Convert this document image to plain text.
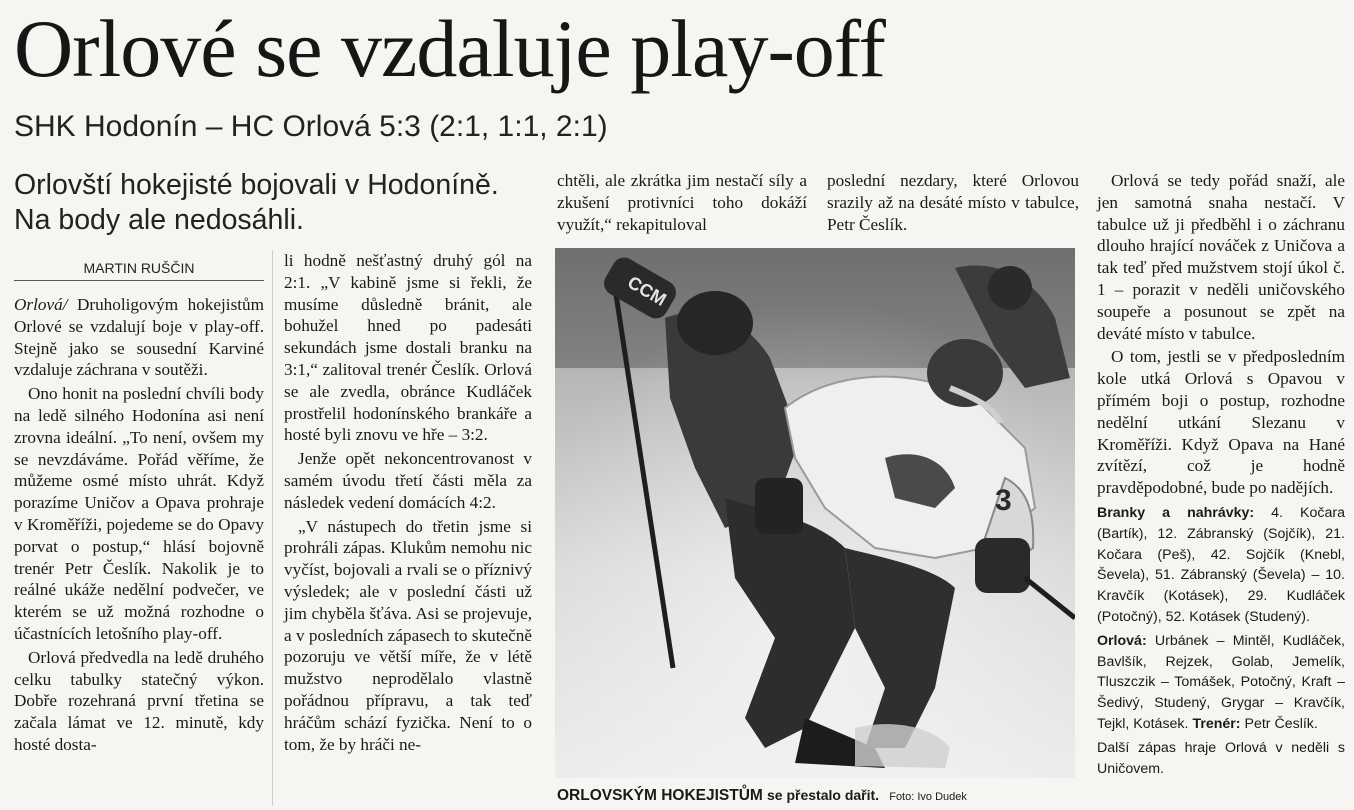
Orlové se vzdaluje play-off
SHK Hodonín – HC Orlová 5:3 (2:1, 1:1, 2:1)
Orlovští hokejisté bojovali v Hodoníně.
Na body ale nedosáhli.
MARTIN RUŠČIN

Orlová/ Druholigovým hokejistům Orlové se vzdalují boje v play-off. Stejně jako se sousední Karviné vzdaluje záchrana v soutěži.

Ono honit na poslední chvíli body na ledě silného Hodonína asi není zrovna ideální. „To není, ovšem my se nevzdáváme. Pořád věříme, že můžeme osmé místo uhrát. Když porazíme Uničov a Opava prohraje v Kroměříži, pojedeme se do Opavy porvat o postup,“ hlásí bojovně trenér Petr Česlík. Nakolik je to reálné ukáže nedělní podvečer, ve kterém se už možná rozhodne o účastnících letošního play-off.

Orlová předvedla na ledě druhého celku tabulky statečný výkon. Dobře rozehraná první třetina se začala lámat ve 12. minutě, kdy hosté dosta-

li hodně nešťastný druhý gól na 2:1. „V kabině jsme si řekli, že musíme důsledně bránit, ale bohužel hned po padesáti sekundách jsme dostali branku na 3:1,“ zalitoval trenér Česlík. Orlová se ale zvedla, obránce Kudláček prostřelil hodonínského brankáře a hosté byli znovu ve hře – 3:2.

Jenže opět nekoncentrovanost v samém úvodu třetí části měla za následek vedení domácích 4:2.

„V nástupech do třetin jsme si prohráli zápas. Klukům nemohu nic vyčíst, bojovali a rvali se o příznivý výsledek; ale v poslední části už jim chyběla šťáva. Asi se projevuje, a v posledních zápasech to skutečně pozoruju ve větší míře, že v létě mužstvo neprodělalo vlastně pořádnou přípravu, a tak teď hráčům schází fyzička. Není to o tom, že by hráči ne-

chtěli, ale zkrátka jim nestačí síly a zkušení protivníci toho dokáží využít,“ rekapituloval

poslední nezdary, které Orlovou srazily až na desáté místo v tabulce, Petr Česlík.

Orlová se tedy pořád snaží, ale jen samotná snaha nestačí. V tabulce už ji předběhl i o záchranu dlouho hrající nováček z Uničova a tak teď před mužstvem stojí úkol č. 1 – porazit v neděli uničovského soupeře a posunout se zpět na deváté místo v tabulce.

O tom, jestli se v předposledním kole utká Orlová s Opavou v přímém boji o postup, rozhodne nedělní utkání Slezanu v Kroměříži. Když Opava na Hané zvítězí, což je hodně pravděpodobné, bude po nadějích.

Branky a nahrávky: 4. Kočara (Bartík), 12. Zábranský (Sojčík), 21. Kočara (Peš), 42. Sojčík (Knebl, Ševela), 51. Zábranský (Ševela) – 10. Kravčík (Kotásek), 29. Kudláček (Potočný), 52. Kotásek (Studený).

Orlová: Urbánek – Mintěl, Kudláček, Bavlšík, Rejzek, Golab, Jemelík, Tluszczik – Tomášek, Potočný, Kraft – Šedivý, Studený, Grygar – Kravčík, Tejkl, Kotásek. Trenér: Petr Česlík.

Další zápas hraje Orlová v neděli s Uničovem.

CCM
3
ORLOVSKÝM HOKEJISTŮM se přestalo dařit. Foto: Ivo Dudek
